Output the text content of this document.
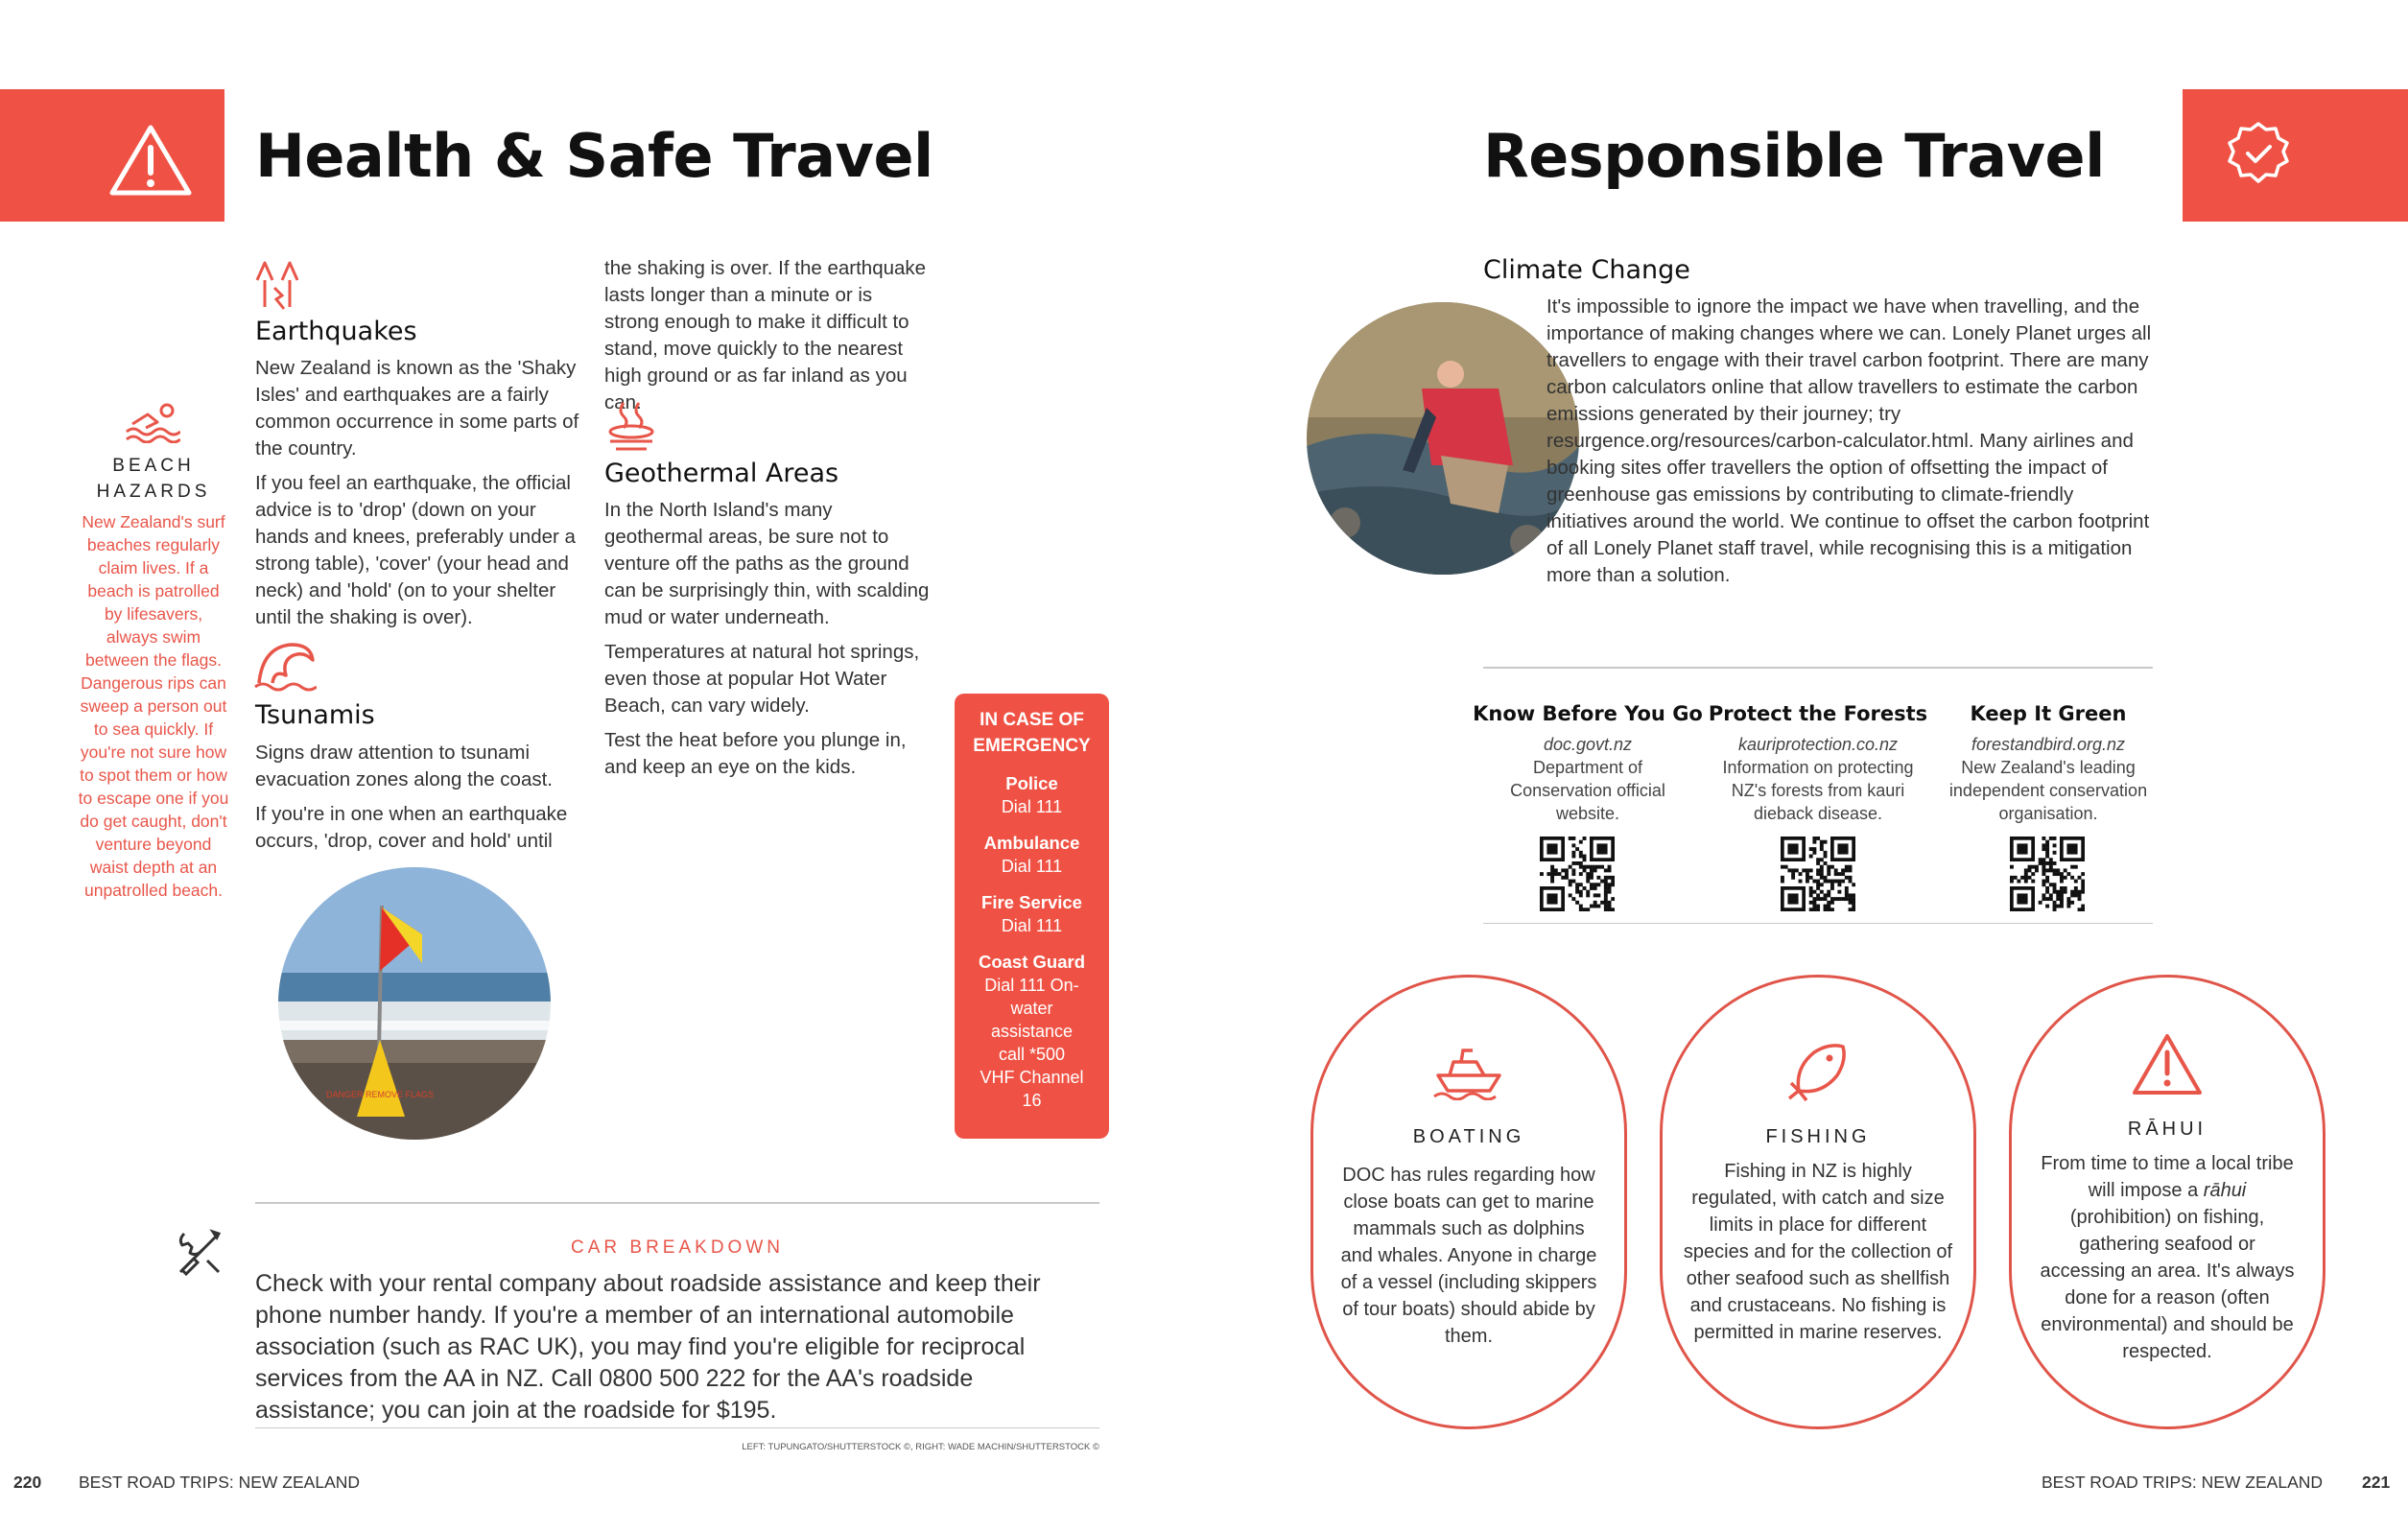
Health & Safe Travel
BEACH
HAZARDS
New Zealand's surf beaches regularly claim lives. If a beach is patrolled by lifesavers, always swim between the flags. Dangerous rips can sweep a person out to sea quickly. If you're not sure how to spot them or how to escape one if you do get caught, don't venture beyond waist depth at an unpatrolled beach.
Earthquakes

New Zealand is known as the 'Shaky Isles' and earthquakes are a fairly common occurrence in some parts of the country.

If you feel an earthquake, the official advice is to 'drop' (down on your hands and knees, preferably under a strong table), 'cover' (your head and neck) and 'hold' (on to your shelter until the shaking is over).

Tsunamis

Signs draw attention to tsunami evacuation zones along the coast.

If you're in one when an earthquake occurs, 'drop, cover and hold' until

DANGER REMOVE FLAGS
the shaking is over. If the earthquake lasts longer than a minute or is strong enough to make it difficult to stand, move quickly to the nearest high ground or as far inland as you can.
Geothermal Areas

In the North Island's many geothermal areas, be sure not to venture off the paths as the ground can be surprisingly thin, with scalding mud or water underneath.

Temperatures at natural hot springs, even those at popular Hot Water Beach, can vary widely.

Test the heat before you plunge in, and keep an eye on the kids.

IN CASE OF
EMERGENCY
Police
Dial 111
Ambulance
Dial 111
Fire Service
Dial 111
Coast Guard
Dial 111 On-water assistance call *500 VHF Channel 16
CAR BREAKDOWN
Check with your rental company about roadside assistance and keep their phone number handy. If you're a member of an international automobile association (such as RAC UK), you may find you're eligible for reciprocal services from the AA in NZ. Call 0800 500 222 for the AA's roadside assistance; you can join at the roadside for $195.
LEFT: TUPUNGATO/SHUTTERSTOCK ©, RIGHT: WADE MACHIN/SHUTTERSTOCK ©
220 BEST ROAD TRIPS: NEW ZEALAND
Responsible Travel
Climate Change
It's impossible to ignore the impact we have when travelling, and the importance of making changes where we can. Lonely Planet urges all travellers to engage with their travel carbon footprint. There are many carbon calculators online that allow travellers to estimate the carbon emissions generated by their journey; try resurgence.org/resources/carbon-calculator.html. Many airlines and booking sites offer travellers the option of offsetting the impact of greenhouse gas emissions by contributing to climate-friendly initiatives around the world. We continue to offset the carbon footprint of all Lonely Planet staff travel, while recognising this is a mitigation more than a solution.
Know Before You Go
doc.govt.nz
Department of Conservation official website.
Protect the Forests
kauriprotection.co.nz
Information on protecting NZ's forests from kauri dieback disease.
Keep It Green
forestandbird.org.nz
New Zealand's leading independent conservation organisation.
BOATING
DOC has rules regarding how close boats can get to marine mammals such as dolphins and whales. Anyone in charge of a vessel (including skippers of tour boats) should abide by them.
FISHING
Fishing in NZ is highly regulated, with catch and size limits in place for different species and for the collection of other seafood such as shellfish and crustaceans. No fishing is permitted in marine reserves.
RĀHUI
From time to time a local tribe will impose a rāhui (prohibition) on fishing, gathering seafood or accessing an area. It's always done for a reason (often environmental) and should be respected.
BEST ROAD TRIPS: NEW ZEALAND 221
